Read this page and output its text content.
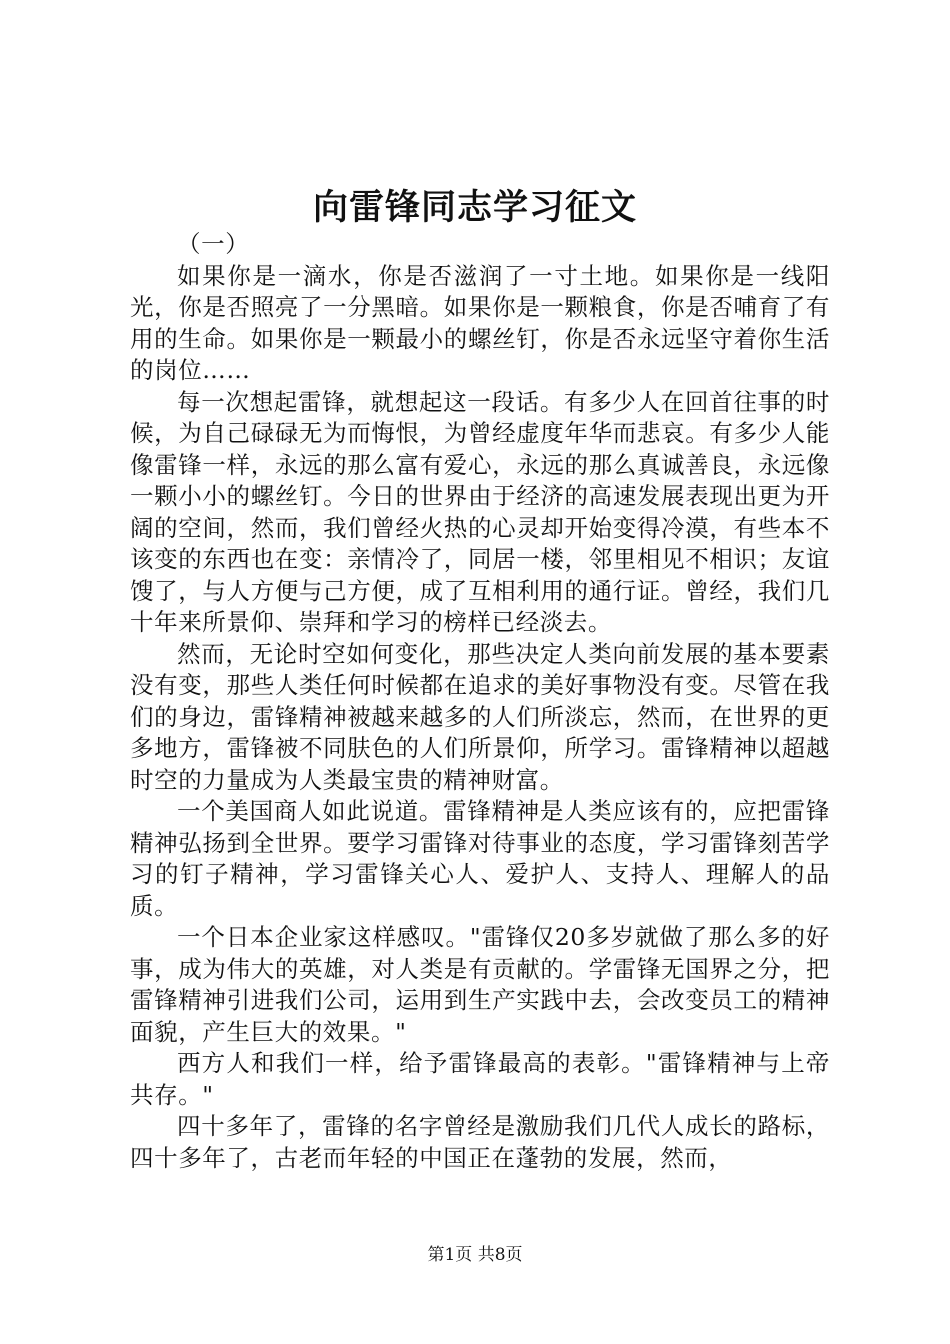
向雷锋同志学习征文

（一）

如果你是一滴水，你是否滋润了一寸土地。如果你是一线阳光，你是否照亮了一分黑暗。如果你是一颗粮食，你是否哺育了有用的生命。如果你是一颗最小的螺丝钉，你是否永远坚守着你生活的岗位……

每一次想起雷锋，就想起这一段话。有多少人在回首往事的时候，为自己碌碌无为而悔恨，为曾经虚度年华而悲哀。有多少人能像雷锋一样，永远的那么富有爱心，永远的那么真诚善良，永远像一颗小小的螺丝钉。今日的世界由于经济的高速发展表现出更为开阔的空间，然而，我们曾经火热的心灵却开始变得冷漠，有些本不该变的东西也在变：亲情冷了，同居一楼，邻里相见不相识；友谊馊了，与人方便与己方便，成了互相利用的通行证。曾经，我们几十年来所景仰、崇拜和学习的榜样已经淡去。

然而，无论时空如何变化，那些决定人类向前发展的基本要素没有变，那些人类任何时候都在追求的美好事物没有变。尽管在我们的身边，雷锋精神被越来越多的人们所淡忘，然而，在世界的更多地方，雷锋被不同肤色的人们所景仰，所学习。雷锋精神以超越时空的力量成为人类最宝贵的精神财富。

一个美国商人如此说道。雷锋精神是人类应该有的，应把雷锋精神弘扬到全世界。要学习雷锋对待事业的态度，学习雷锋刻苦学习的钉子精神，学习雷锋关心人、爱护人、支持人、理解人的品质。

一个日本企业家这样感叹。"雷锋仅20多岁就做了那么多的好事，成为伟大的英雄，对人类是有贡献的。学雷锋无国界之分，把雷锋精神引进我们公司，运用到生产实践中去，会改变员工的精神面貌，产生巨大的效果。"

西方人和我们一样，给予雷锋最高的表彰。"雷锋精神与上帝共存。"

四十多年了，雷锋的名字曾经是激励我们几代人成长的路标，四十多年了，古老而年轻的中国正在蓬勃的发展，然而，

第1页 共8页
